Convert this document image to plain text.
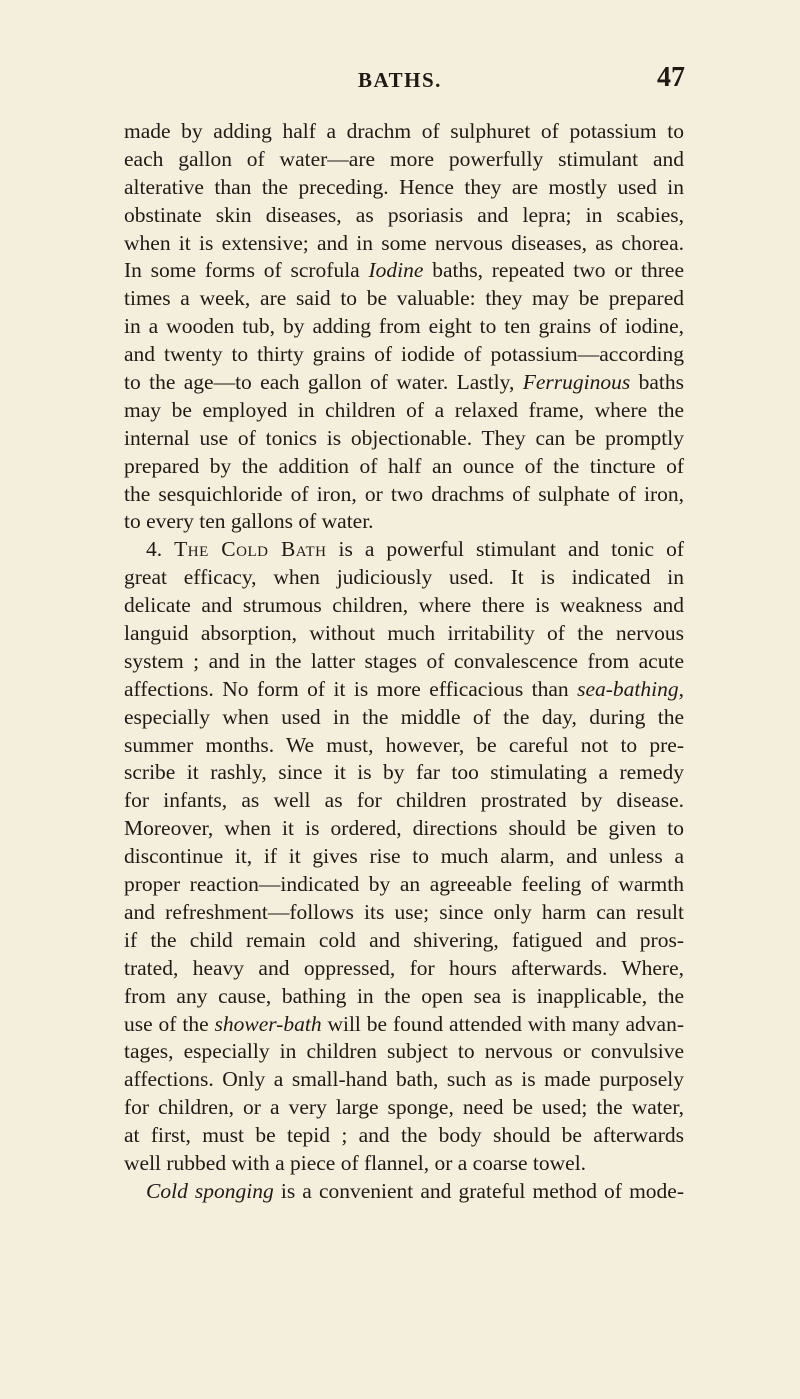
BATHS.	47
made by adding half a drachm of sulphuret of potassium to
each gallon of water—are more powerfully stimulant and
alterative than the preceding. Hence they are mostly used in
obstinate skin diseases, as psoriasis and lepra; in scabies,
when it is extensive; and in some nervous diseases, as chorea.
In some forms of scrofula Iodine baths, repeated two or three
times a week, are said to be valuable: they may be prepared
in a wooden tub, by adding from eight to ten grains of iodine,
and twenty to thirty grains of iodide of potassium—according
to the age—to each gallon of water. Lastly, Ferruginous baths
may be employed in children of a relaxed frame, where the
internal use of tonics is objectionable. They can be promptly
prepared by the addition of half an ounce of the tincture of
the sesquichloride of iron, or two drachms of sulphate of iron,
to every ten gallons of water.
4. The Cold Bath is a powerful stimulant and tonic of
great efficacy, when judiciously used. It is indicated in
delicate and strumous children, where there is weakness and
languid absorption, without much irritability of the nervous
system ; and in the latter stages of convalescence from acute
affections. No form of it is more efficacious than sea-bathing,
especially when used in the middle of the day, during the
summer months. We must, however, be careful not to pre-
scribe it rashly, since it is by far too stimulating a remedy
for infants, as well as for children prostrated by disease.
Moreover, when it is ordered, directions should be given to
discontinue it, if it gives rise to much alarm, and unless a
proper reaction—indicated by an agreeable feeling of warmth
and refreshment—follows its use; since only harm can result
if the child remain cold and shivering, fatigued and pros-
trated, heavy and oppressed, for hours afterwards. Where,
from any cause, bathing in the open sea is inapplicable, the
use of the shower-bath will be found attended with many advan-
tages, especially in children subject to nervous or convulsive
affections. Only a small-hand bath, such as is made purposely
for children, or a very large sponge, need be used; the water,
at first, must be tepid ; and the body should be afterwards
well rubbed with a piece of flannel, or a coarse towel.
Cold sponging is a convenient and grateful method of mode-
